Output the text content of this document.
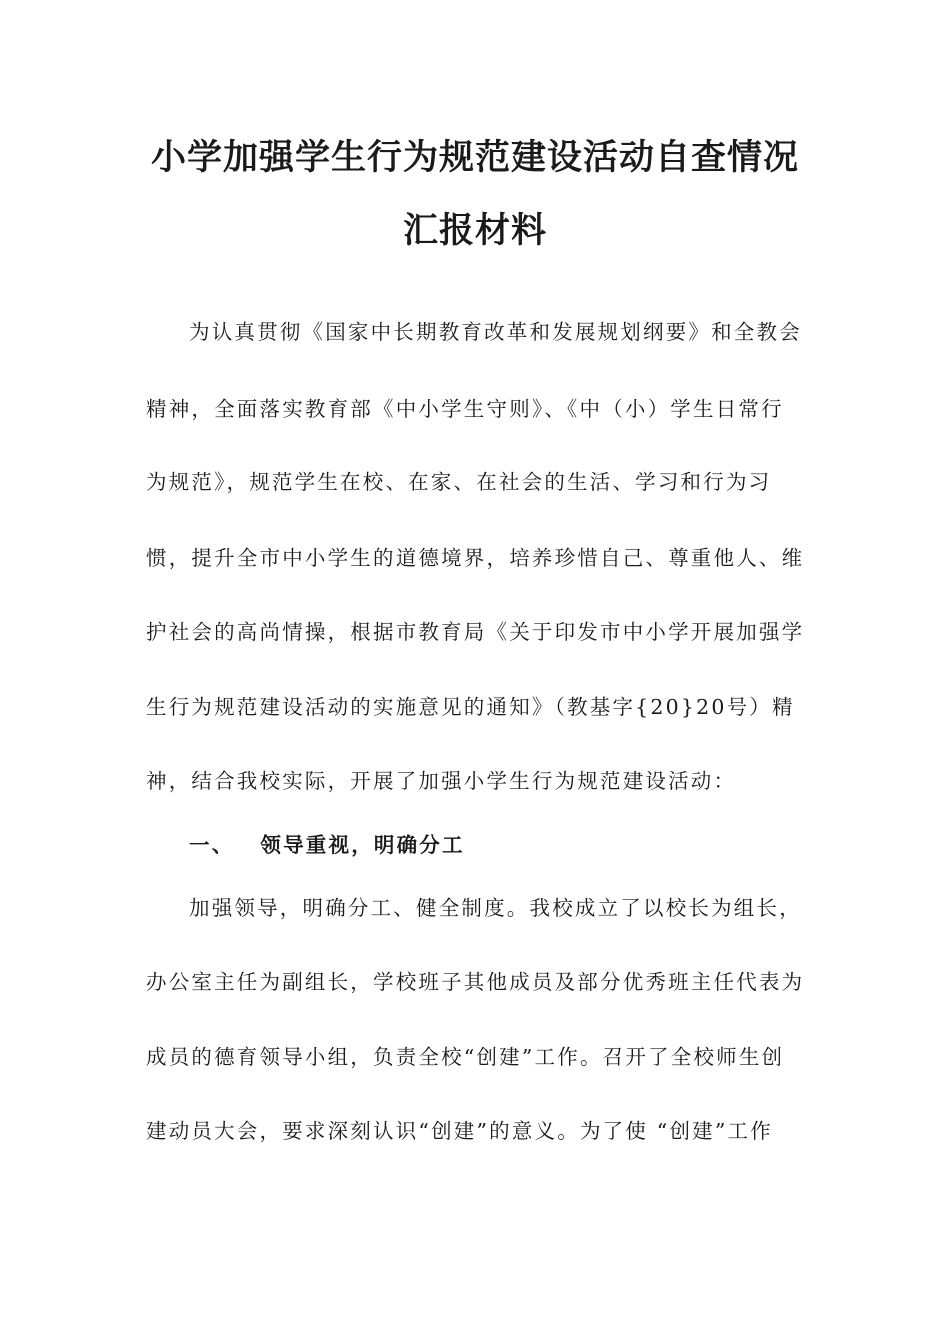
小学加强学生行为规范建设活动自查情况
汇报材料
为认真贯彻《国家中长期教育改革和发展规划纲要》和全教会
精神，全面落实教育部《中小学生守则》、《中（小）学生日常行
为规范》，规范学生在校、在家、在社会的生活、学习和行为习
惯，提升全市中小学生的道德境界，培养珍惜自己、尊重他人、维
护社会的高尚情操，根据市教育局《关于印发市中小学开展加强学
生行为规范建设活动的实施意见的通知》（教基字{20}20号）精
神，结合我校实际，开展了加强小学生行为规范建设活动：
一、 领导重视，明确分工
加强领导，明确分工、健全制度。我校成立了以校长为组长，
办公室主任为副组长，学校班子其他成员及部分优秀班主任代表为
成员的德育领导小组，负责全校“创建”工作。召开了全校师生创
建动员大会，要求深刻认识“创建”的意义。为了使 “创建”工作
